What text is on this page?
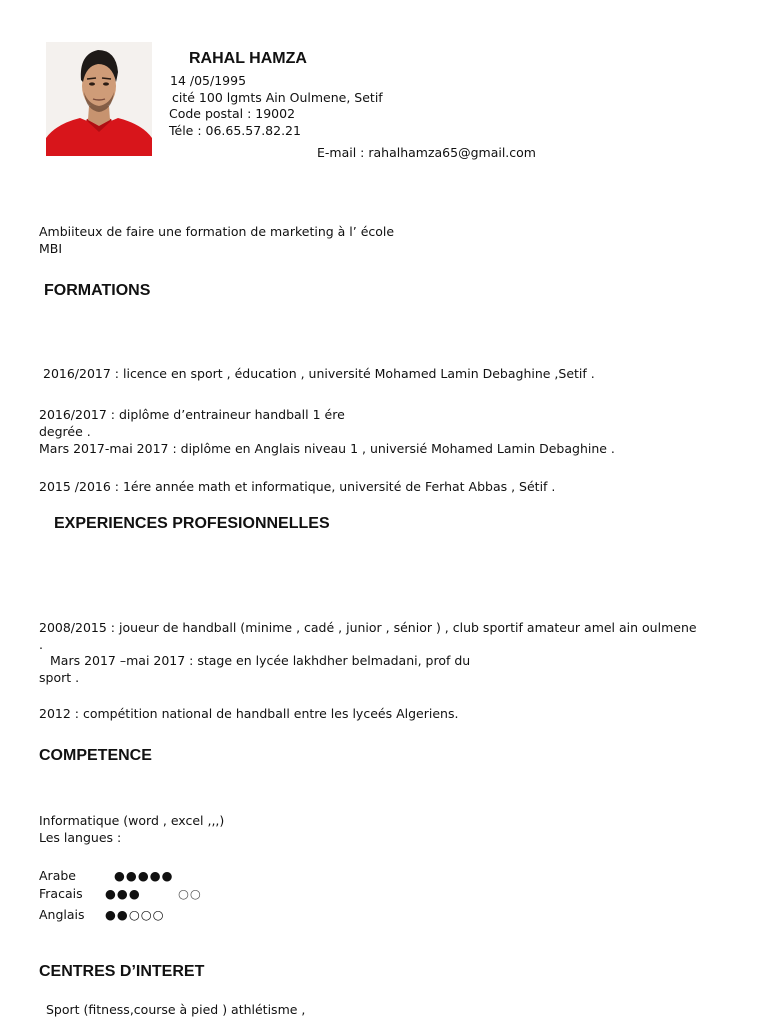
RAHAL HAMZA
14 /05/1995
cité 100 lgmts Ain Oulmene, Setif
Code postal : 19002
Téle : 06.65.57.82.21
E-mail : rahalhamza65@gmail.com
Ambiiteux de faire une formation de marketing à l’ école
MBI
FORMATIONS
2016/2017 : licence en sport , éducation , université Mohamed Lamin Debaghine ,Setif .
2016/2017 : diplôme d’entraineur handball 1 ére
degrée .
Mars 2017-mai 2017 : diplôme en Anglais niveau 1 , universié Mohamed Lamin Debaghine .
2015 /2016 : 1ére année math et informatique, université de Ferhat Abbas , Sétif .
EXPERIENCES PROFESIONNELLES
2008/2015 : joueur de handball (minime , cadé , junior , sénior ) , club sportif amateur amel ain oulmene
.
Mars 2017 –mai 2017 : stage en lycée lakhdher belmadani, prof du
sport .
2012 : compétition national de handball entre les lyceés Algeriens.
COMPETENCE
Informatique (word , excel ,,,)
Les langues :
Arabe	●●●●●
Fracais ●●●	○○
Anglais ●●○○○
CENTRES D’INTERET
Sport (fitness,course à pied ) athlétisme ,
